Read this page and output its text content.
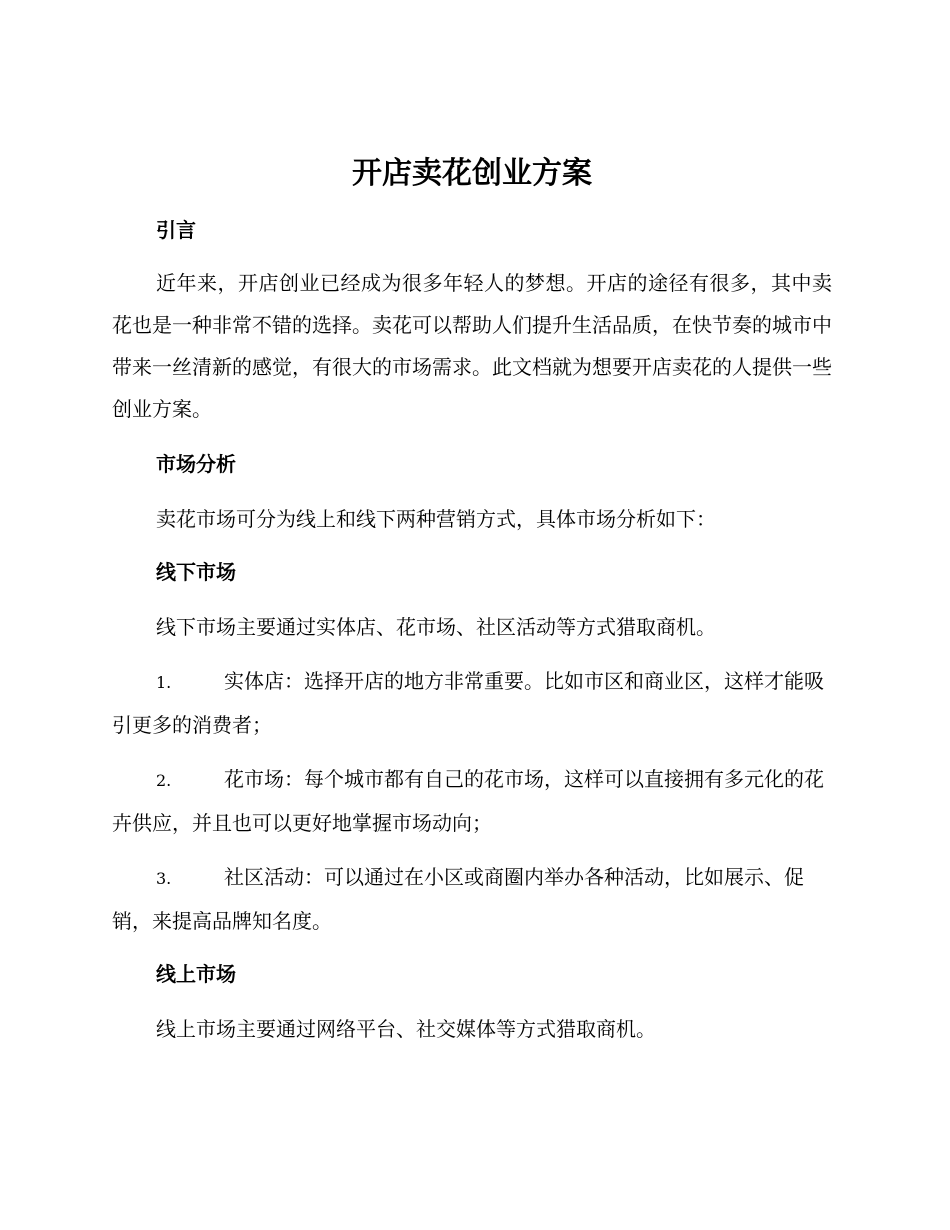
开店卖花创业方案
引言

近年来，开店创业已经成为很多年轻人的梦想。开店的途径有很多，其中卖花也是一种非常不错的选择。卖花可以帮助人们提升生活品质，在快节奏的城市中带来一丝清新的感觉，有很大的市场需求。此文档就为想要开店卖花的人提供一些创业方案。

市场分析

卖花市场可分为线上和线下两种营销方式，具体市场分析如下：

线下市场

线下市场主要通过实体店、花市场、社区活动等方式猎取商机。

1.	实体店：选择开店的地方非常重要。比如市区和商业区，这样才能吸引更多的消费者；

2.	花市场：每个城市都有自己的花市场，这样可以直接拥有多元化的花卉供应，并且也可以更好地掌握市场动向；

3.	社区活动：可以通过在小区或商圈内举办各种活动，比如展示、促销，来提高品牌知名度。

线上市场

线上市场主要通过网络平台、社交媒体等方式猎取商机。
